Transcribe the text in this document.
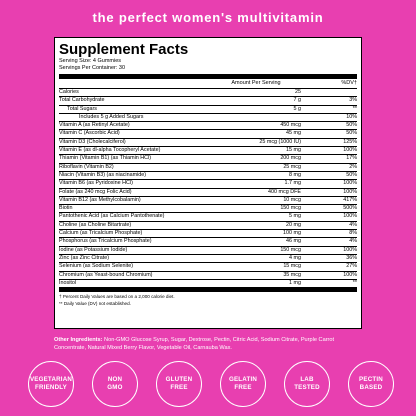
the perfect women's multivitamin
Supplement Facts
Serving Size: 4 Gummies
Servings Per Container: 30
Amount Per Serving	%DV†
Calories	25
Total Carbohydrate	7 g	3%
Total Sugars	5 g	**
Includes 5 g Added Sugars	10%
Vitamin A (as Retinyl Acetate)	450 mcg	50%
Vitamin C (Ascorbic Acid)	45 mg	50%
Vitamin D3 (Cholecalciferol)	25 mcg (1000 IU)	125%
Vitamin E (as dl-alpha Tocopheryl Acetate)	15 mg	100%
Thiamin (Vitamin B1) (as Thiamin HCl)	200 mcg	17%
Riboflavin (Vitamin B2)	25 mcg	2%
Niacin (Vitamin B3) (as niacinamide)	8 mg	50%
Vitamin B6 (as Pyridoxine HCl)	1.7 mg	100%
Folate (as 240 mcg Folic Acid)	400 mcg DFE	100%
Vitamin B12 (as Methylcobalamin)	10 mcg	417%
Biotin	150 mcg	500%
Pantothenic Acid (as Calcium Pantothenate)	5 mg	100%
Choline (as Choline Bitartrate)	20 mg	4%
Calcium (as Tricalcium Phosphate)	100 mg	8%
Phosphorus (as Tricalcium Phosphate)	46 mg	4%
Iodine (as Potassium Iodide)	150 mcg	100%
Zinc (as Zinc Citrate)	4 mg	36%
Selenium (as Sodium Selenite)	15 mcg	27%
Chromium (as Yeast-bound Chromium)	35 mcg	100%
Inositol	1 mg	**
† Percent Daily Values are based on a 2,000 calorie diet.
** Daily Value (DV) not established.
Other Ingredients: Non-GMO Glucose Syrup, Sugar, Dextrose, Pectin, Citric Acid, Sodium Citrate, Purple Carrot Concentrate, Natural Mixed Berry Flavor, Vegetable Oil, Carnauba Wax.
VEGETARIAN
FRIENDLY
NON
GMO
GLUTEN
FREE
GELATIN
FREE
LAB
TESTED
PECTIN
BASED
